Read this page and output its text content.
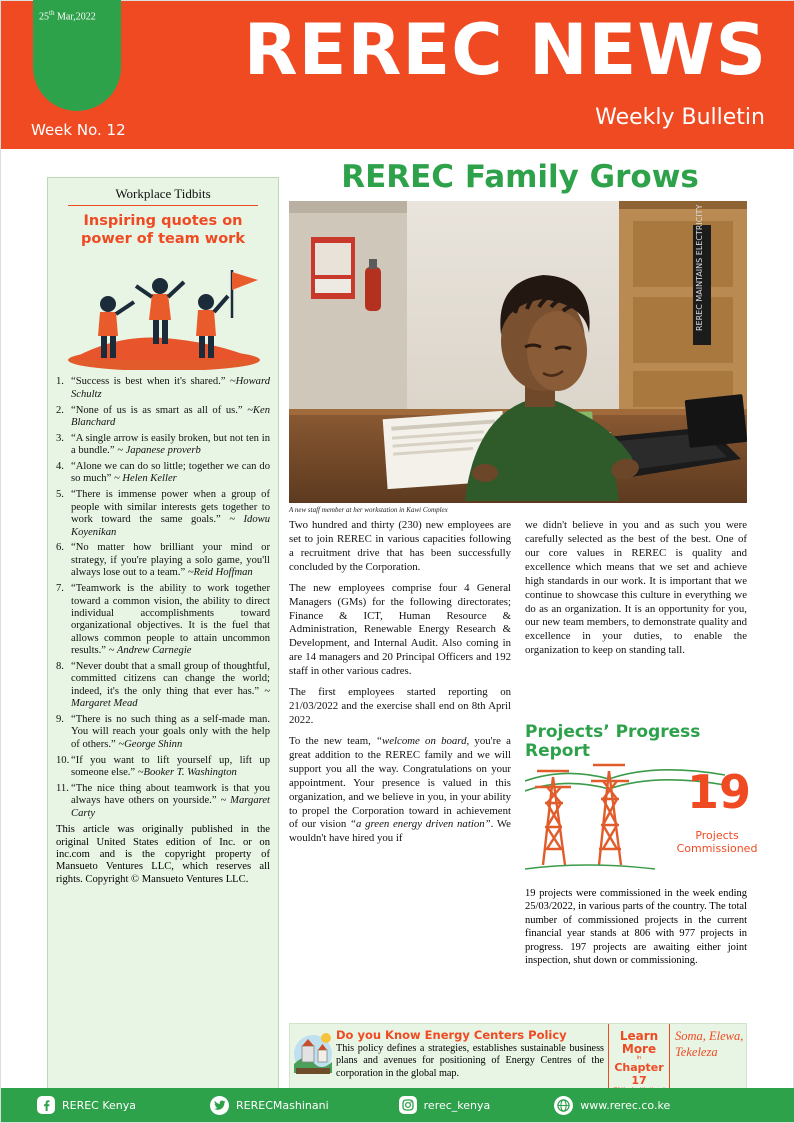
25th Mar,2022 REREC NEWS
Weekly Bulletin
Week No. 12
Workplace Tidbits
Inspiring quotes on power of team work
1. “Success is best when it's shared.” ~Howard Schultz
2. “None of us is as smart as all of us.” ~Ken Blanchard
3. “A single arrow is easily broken, but not ten in a bundle.” ~ Japanese proverb
4. “Alone we can do so little; together we can do so much” ~ Helen Keller
5. “There is immense power when a group of people with similar interests gets together to work toward the same goals.” ~ Idowu Koyenikan
6. “No matter how brilliant your mind or strategy, if you're playing a solo game, you'll always lose out to a team.” ~Reid Hoffman
7. “Teamwork is the ability to work together toward a common vision, the ability to direct individual accomplishments toward organizational objectives. It is the fuel that allows common people to attain uncommon results.” ~ Andrew Carnegie
8. “Never doubt that a small group of thoughtful, committed citizens can change the world; indeed, it's the only thing that ever has.” ~ Margaret Mead
9. “There is no such thing as a self-made man. You will reach your goals only with the help of others.” ~George Shinn
10. “If you want to lift yourself up, lift up someone else.” ~Booker T. Washington
11. “The nice thing about teamwork is that you always have others on yourside.” ~ Margaret Carty
This article was originally published in the original United States edition of Inc. or on inc.com and is the copyright property of Mansueto Ventures LLC, which reserves all rights. Copyright © Mansueto Ventures LLC.
REREC Family Grows
REREC MAINTAINS ELECTRICITY
A new staff member at her workstation in Kawi Complex

Two hundred and thirty (230) new employees are set to join REREC in various capacities following a recruitment drive that has been successfully concluded by the Corporation.

The new employees comprise four 4 General Managers (GMs) for the following directorates; Finance & ICT, Human Resource & Administration, Renewable Energy Research & Development, and Internal Audit. Also coming in are 14 managers and 20 Principal Officers and 192 staff in other various cadres.

The first employees started reporting on 21/03/2022 and the exercise shall end on 8th April 2022.

To the new team, “welcome on board, you're a great addition to the REREC family and we will support you all the way. Congratulations on your appointment. Your presence is valued in this organization, and we believe in you, in your ability to propel the Corporation toward in achievement of our vision “a green energy driven nation”. We wouldn't have hired you if

we didn't believe in you and as such you were carefully selected as the best of the best. One of our core values in REREC is quality and excellence which means that we set and achieve high standards in our work. It is important that we continue to showcase this culture in everything we do as an organization. It is an opportunity for you, our new team members, to demonstrate quality and excellence in your duties, to enable the organization to keep on standing tall.

Projects’ Progress Report
19
Projects Commissioned
19 projects were commissioned in the week ending 25/03/2022, in various parts of the country. The total number of commissioned projects in the current financial year stands at 806 with 977 projects in progress. 197 projects are awaiting either joint inspection, shut down or commissioning.
Do you Know Energy Centers Policy
This policy defines a strategies, establishes sustainable business plans and avenues for positioning of Energy Centres of the corporation in the global map.
Learn More
in
Chapter 17
Soma, Elewa, Tekeleza
REREC Kenya	RERECMashinani	rerec_kenya	www.rerec.co.ke
